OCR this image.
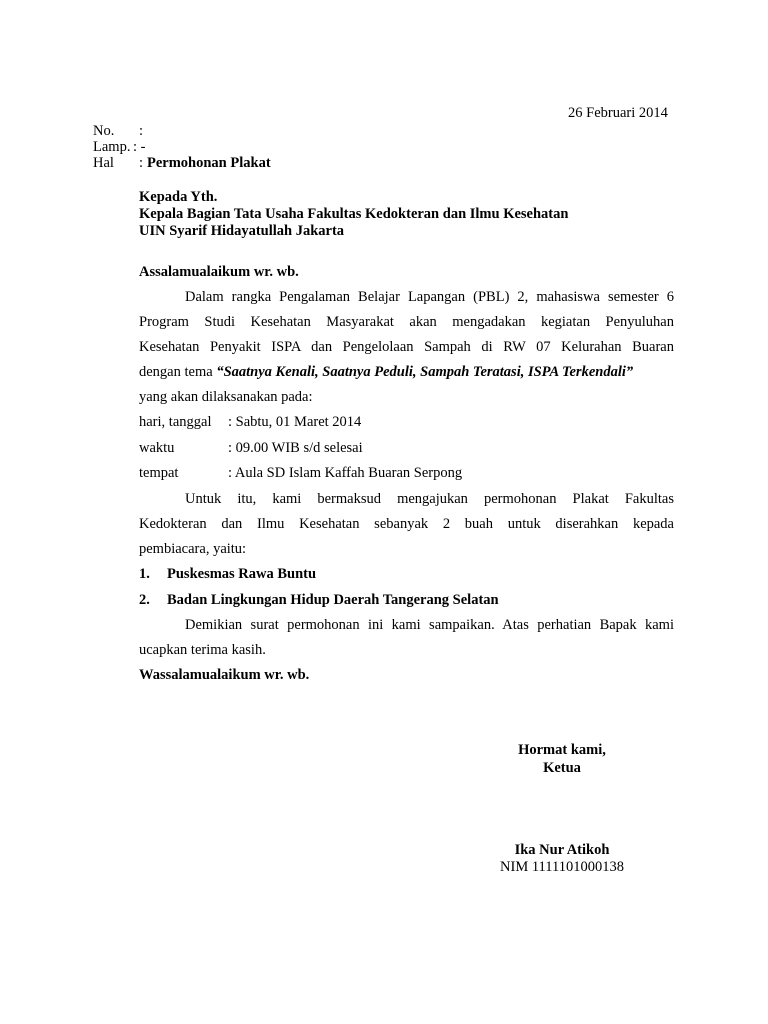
26 Februari 2014
No. :
Lamp. : -
Hal : Permohonan Plakat
Kepada Yth.
Kepala Bagian Tata Usaha Fakultas Kedokteran dan Ilmu Kesehatan
UIN Syarif Hidayatullah Jakarta
Assalamualaikum wr. wb.
Dalam rangka Pengalaman Belajar Lapangan (PBL) 2, mahasiswa semester 6
Program Studi Kesehatan Masyarakat akan mengadakan kegiatan Penyuluhan
Kesehatan Penyakit ISPA dan Pengelolaan Sampah di RW 07 Kelurahan Buaran
dengan tema “Saatnya Kenali, Saatnya Peduli, Sampah Teratasi, ISPA Terkendali”
yang akan dilaksanakan pada:
hari, tanggal : Sabtu, 01 Maret 2014
waktu	: 09.00 WIB s/d selesai
tempat	: Aula SD Islam Kaffah Buaran Serpong
Untuk itu, kami bermaksud mengajukan permohonan Plakat Fakultas
Kedokteran dan Ilmu Kesehatan sebanyak 2 buah untuk diserahkan kepada
pembiacara, yaitu:
1. Puskesmas Rawa Buntu
2. Badan Lingkungan Hidup Daerah Tangerang Selatan
Demikian surat permohonan ini kami sampaikan. Atas perhatian Bapak kami
ucapkan terima kasih.
Wassalamualaikum wr. wb.
Hormat kami,
Ketua
Ika Nur Atikoh
NIM 1111101000138
